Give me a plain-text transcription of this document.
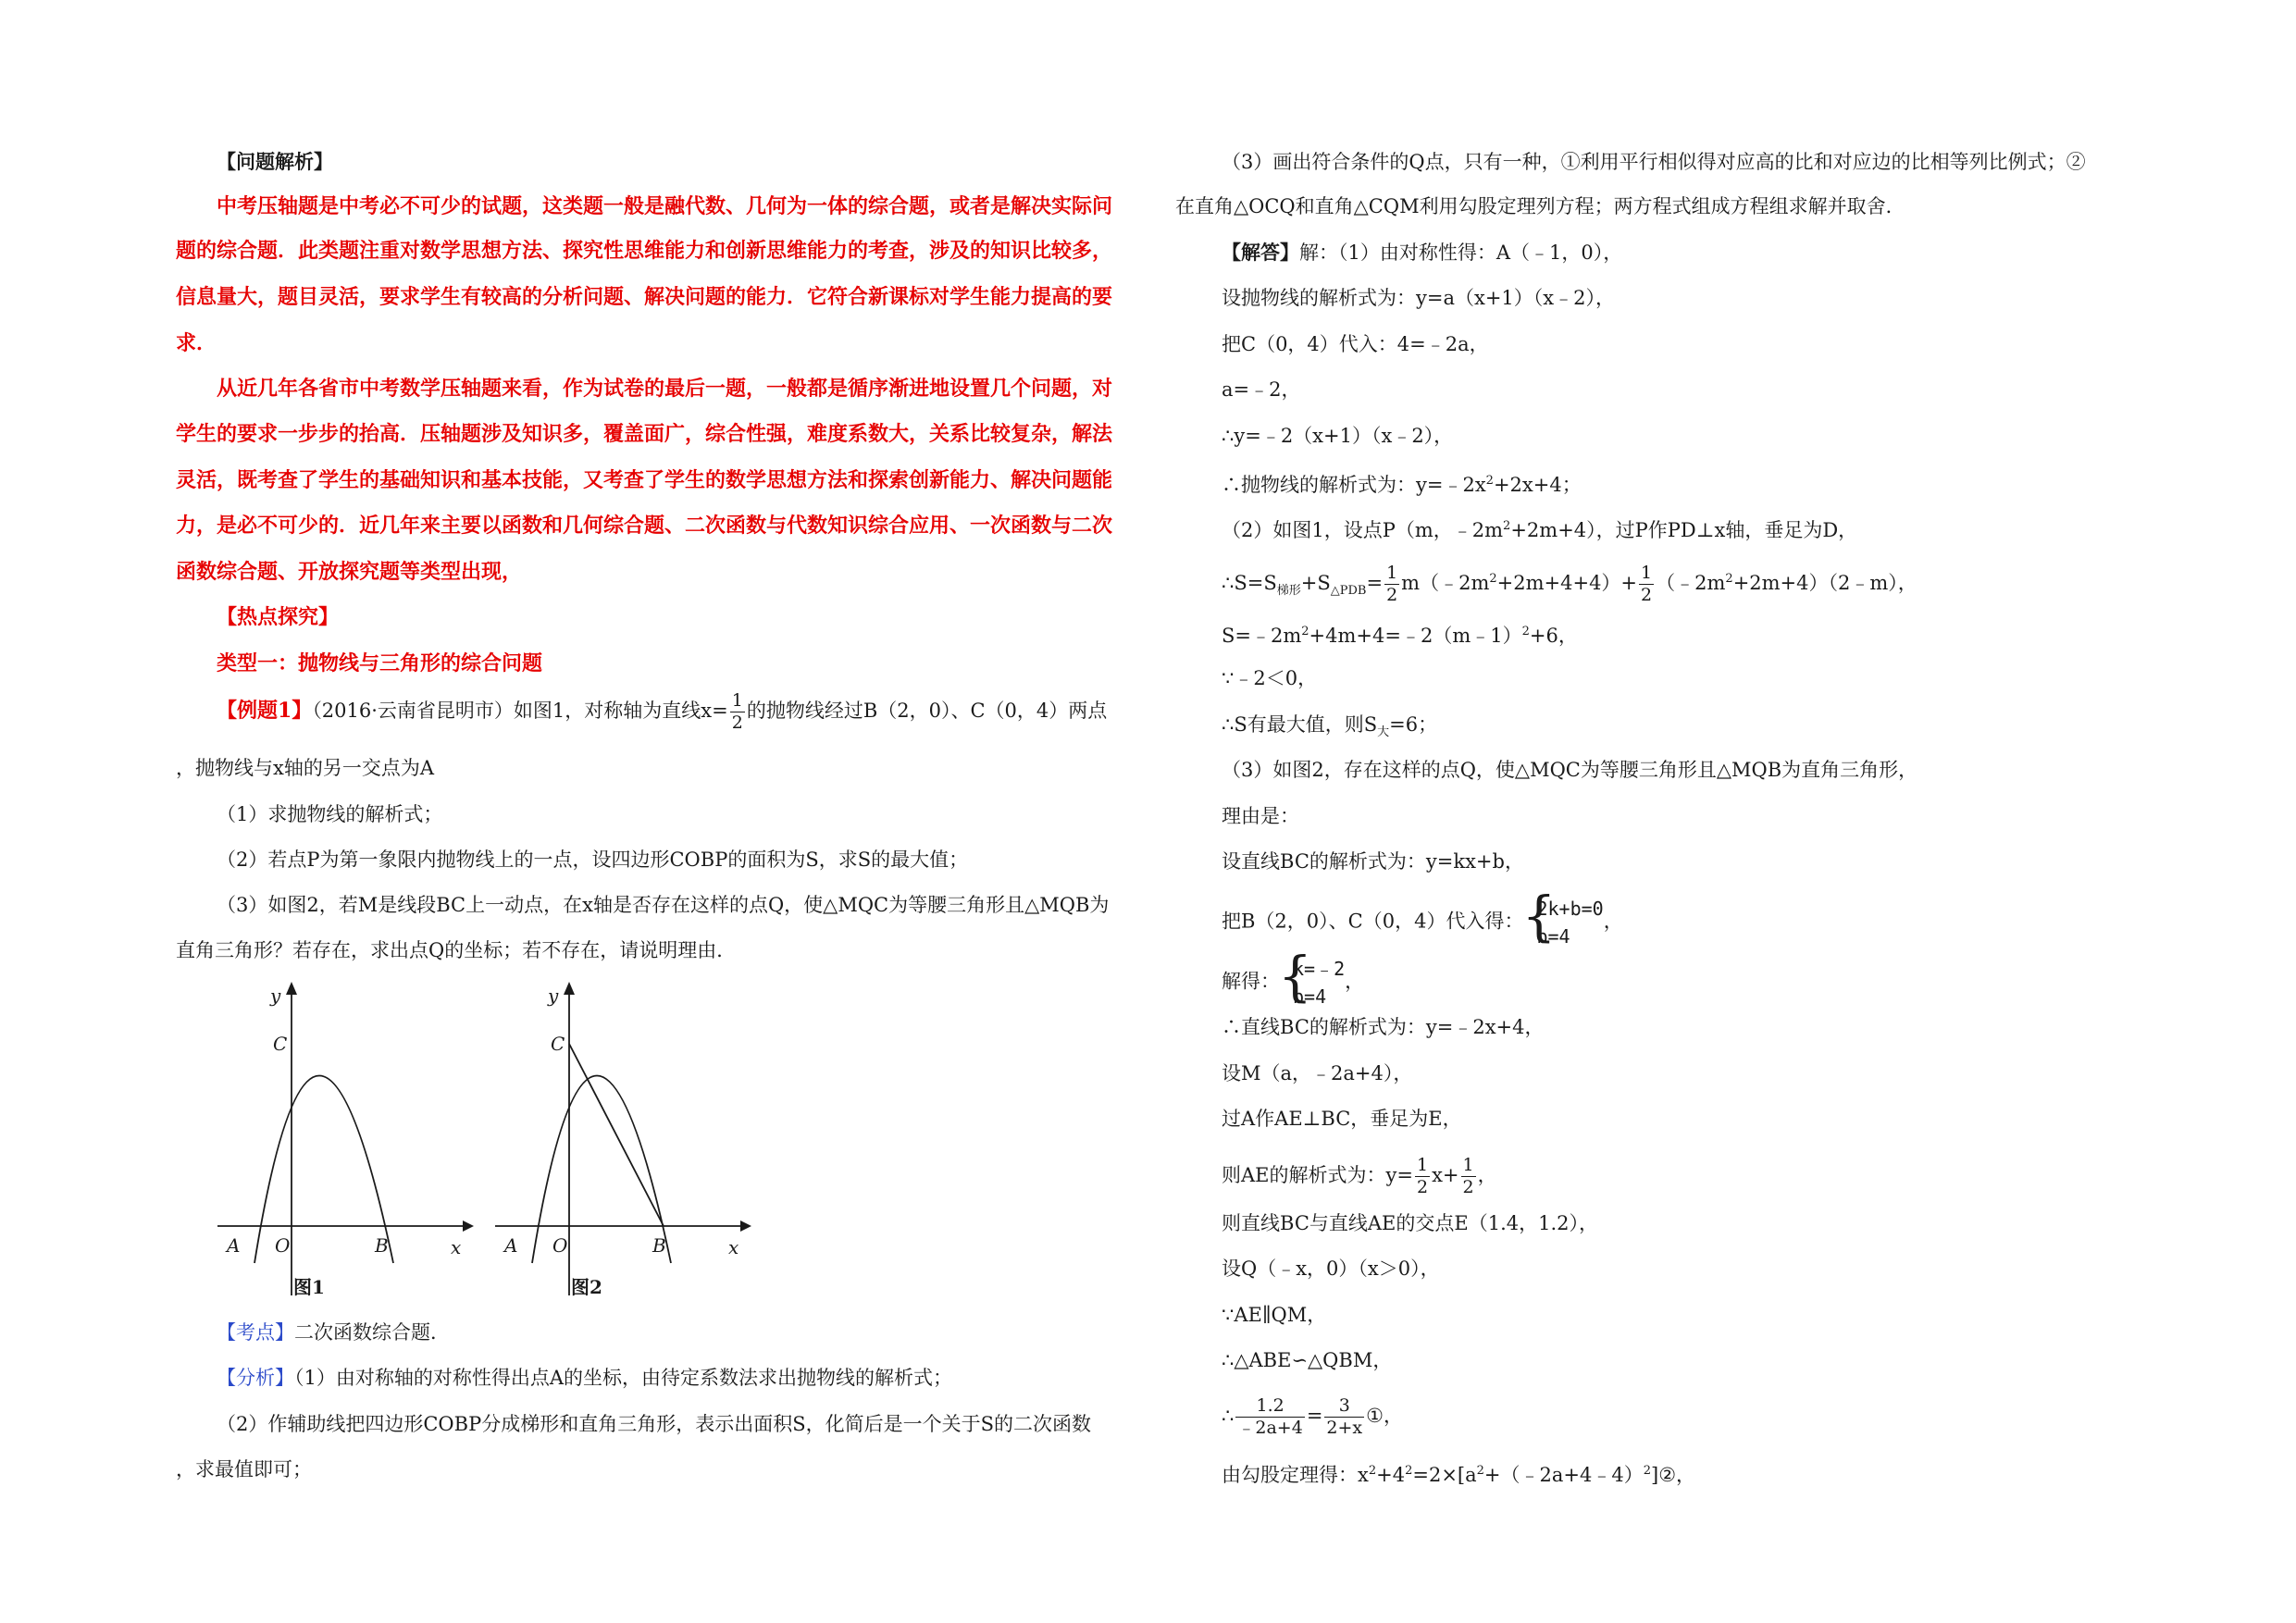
【问题解析】
中考压轴题是中考必不可少的试题，这类题一般是融代数、几何为一体的综合题，或者是解决实际问
题的综合题．此类题注重对数学思想方法、探究性思维能力和创新思维能力的考查，涉及的知识比较多，
信息量大，题目灵活，要求学生有较高的分析问题、解决问题的能力．它符合新课标对学生能力提高的要
求．
从近几年各省市中考数学压轴题来看，作为试卷的最后一题，一般都是循序渐进地设置几个问题，对
学生的要求一步步的抬高．压轴题涉及知识多，覆盖面广，综合性强，难度系数大，关系比较复杂，解法
灵活，既考查了学生的基础知识和基本技能，又考查了学生的数学思想方法和探索创新能力、解决问题能
力，是必不可少的．近几年来主要以函数和几何综合题、二次函数与代数知识综合应用、一次函数与二次
函数综合题、开放探究题等类型出现，
【热点探究】
类型一：抛物线与三角形的综合问题
【例题1】（2016·云南省昆明市）如图1，对称轴为直线$x= \frac{1}{2}$ 的抛物线经过B（2，0）、C（0，4）两点
，抛物线与x轴的另一交点为A
（1）求抛物线的解析式；
（2）若点P为第一象限内抛物线上的一点，设四边形COBP的面积为S，求S的最大值；
（3）如图2，若M是线段BC上一动点，在x轴是否存在这样的点Q，使△MQC为等腰三角形且△MQB为
直角三角形？若存在，求出点Q的坐标；若不存在，请说明理由．
y
C
A O	B	x
图1
y
C
A O	B	x
图2
【考点】二次函数综合题．
【分析】（1）由对称轴的对称性得出点A的坐标，由待定系数法求出抛物线的解析式；
（2）作辅助线把四边形COBP分成梯形和直角三角形，表示出面积S，化简后是一个关于S的二次函数
，求最值即可；
（3）画出符合条件的Q点，只有一种，①利用平行相似得对应高的比和对应边的比相等列比例式；②
在直角△OCQ和直角△CQM利用勾股定理列方程；两方程式组成方程组求解并取舍．
【解答】解：（1）由对称性得：A（﹣1，0），
设抛物线的解析式为：y=a（x+1）（x﹣2），
把C（0，4）代入：4=﹣2a，
a=﹣2，
∴y=﹣2（x+1）（x﹣2），
∴抛物线的解析式为：$y=﹣2x^2+2x+4$；
（2）如图1，设点P（m，$﹣2m^2+2m+4$），过P作PD⊥x轴，垂足为D，
$\therefore S=S_{梯形}+S_{\triangle PDB}= \frac{1}{2}$ $m(﹣2m^2+2m+4+4)+ \frac{1}{2}$ $(﹣2m^2+2m+4)(2﹣m)$，
$S=﹣2m^2+4m+4=﹣2(m﹣1)^2+6$，
∵﹣2＜0，
∴S有最大值，则$S_大=6$；
（3）如图2，存在这样的点Q，使△MQC为等腰三角形且△MQB为直角三角形，
理由是：
设直线BC的解析式为：y=kx+b，
把B（2，0）、C（0，4）代入得：
{ 2k+b=0
b=4
，
解得：
{ k=﹣2
b=4
，
∴直线BC的解析式为：y=﹣2x+4，
设M（a，﹣2a+4），
过A作AE⊥BC，垂足为E，
则AE的解析式为：$y= \frac{1}{2} x+ \frac{1}{2}$ ，
则直线BC与直线AE的交点E（1.4，1.2），
设Q（﹣x，0）（x＞0），
∵AE∥QM，
∴△ABE∽△QBM，
∴ $\frac{1.2}{﹣2a+4} = \frac{3}{2+x}$ ①，
由勾股定理得：$x^2+4^2=2\times[a^2+(﹣2a+4﹣4)^2]②$，
